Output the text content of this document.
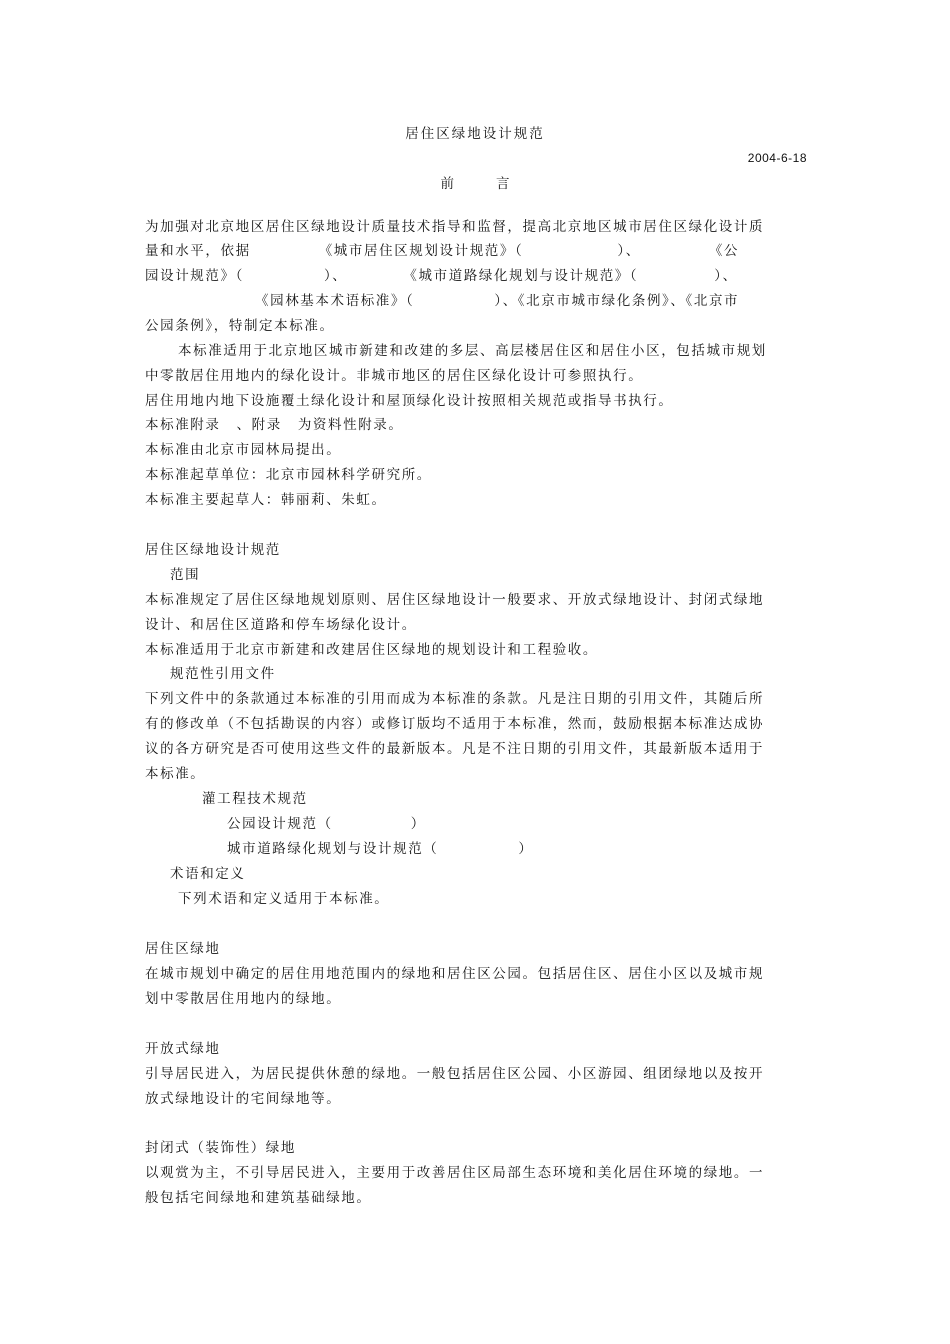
居住区绿地设计规范
2004-6-18
前	言
为加强对北京地区居住区绿地设计质量技术指导和监督，提高北京地区城市居住区绿化设计质
量和水平，依据	《城市居住区规划设计规范》（	）、	《公
园设计规范》（	）、	《城市道路绿化规划与设计规范》（	）、
《园林基本术语标准》（	）、《北京市城市绿化条例》、《北京市
公园条例》，特制定本标准。
本标准适用于北京地区城市新建和改建的多层、高层楼居住区和居住小区，包括城市规划
中零散居住用地内的绿化设计。非城市地区的居住区绿化设计可参照执行。
居住用地内地下设施覆土绿化设计和屋顶绿化设计按照相关规范或指导书执行。
本标准附录 、附录 为资料性附录。
本标准由北京市园林局提出。
本标准起草单位：北京市园林科学研究所。
本标准主要起草人：韩丽莉、朱虹。
居住区绿地设计规范
范围
本标准规定了居住区绿地规划原则、居住区绿地设计一般要求、开放式绿地设计、封闭式绿地
设计、和居住区道路和停车场绿化设计。
本标准适用于北京市新建和改建居住区绿地的规划设计和工程验收。
规范性引用文件
下列文件中的条款通过本标准的引用而成为本标准的条款。凡是注日期的引用文件，其随后所
有的修改单（不包括勘误的内容）或修订版均不适用于本标准，然而，鼓励根据本标准达成协
议的各方研究是否可使用这些文件的最新版本。凡是不注日期的引用文件，其最新版本适用于
本标准。
灌工程技术规范
公园设计规范（	）
城市道路绿化规划与设计规范（	）
术语和定义
下列术语和定义适用于本标准。
居住区绿地
在城市规划中确定的居住用地范围内的绿地和居住区公园。包括居住区、居住小区以及城市规
划中零散居住用地内的绿地。
开放式绿地
引导居民进入，为居民提供休憩的绿地。一般包括居住区公园、小区游园、组团绿地以及按开
放式绿地设计的宅间绿地等。
封闭式（装饰性）绿地
以观赏为主，不引导居民进入，主要用于改善居住区局部生态环境和美化居住环境的绿地。一
般包括宅间绿地和建筑基础绿地。
